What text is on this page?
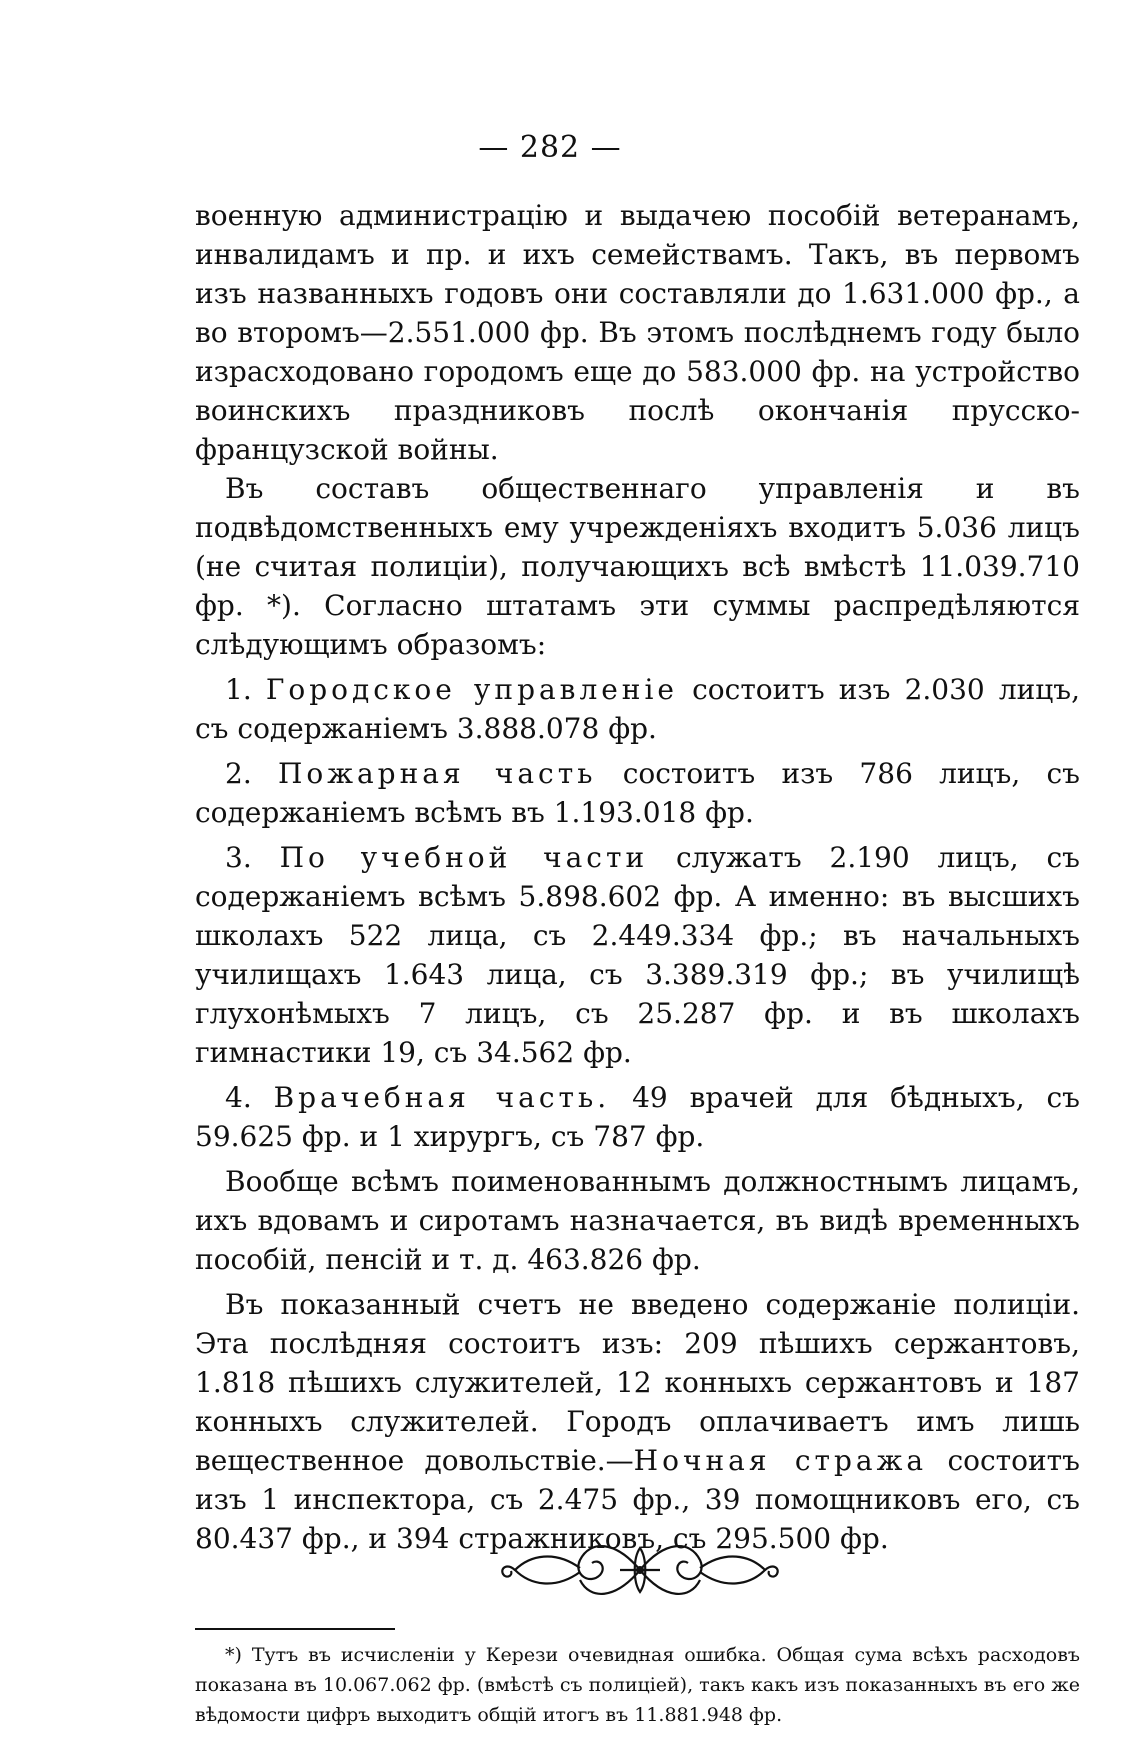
— 282 —

военную администрацію и выдачею пособій ветеранамъ, инвалидамъ и пр. и ихъ семействамъ. Такъ, въ первомъ изъ названныхъ годовъ они составляли до 1.631.000 фр., а во второмъ—2.551.000 фр. Въ этомъ послѣднемъ году было израсходовано городомъ еще до 583.000 фр. на устройство воинскихъ праздниковъ послѣ окончанія прусско-французской войны.

Въ составъ общественнаго управленія и въ подвѣдомственныхъ ему учрежденіяхъ входитъ 5.036 лицъ (не считая полиціи), получающихъ всѣ вмѣстѣ 11.039.710 фр. *). Согласно штатамъ эти суммы распредѣляются слѣдующимъ образомъ:

1. Городское управленіе состоитъ изъ 2.030 лицъ, съ содержаніемъ 3.888.078 фр.

2. Пожарная часть состоитъ изъ 786 лицъ, съ содержаніемъ всѣмъ въ 1.193.018 фр.

3. По учебной части служатъ 2.190 лицъ, съ содержаніемъ всѣмъ 5.898.602 фр. А именно: въ высшихъ школахъ 522 лица, съ 2.449.334 фр.; въ начальныхъ училищахъ 1.643 лица, съ 3.389.319 фр.; въ училищѣ глухонѣмыхъ 7 лицъ, съ 25.287 фр. и въ школахъ гимнастики 19, съ 34.562 фр.

4. Врачебная часть. 49 врачей для бѣдныхъ, съ 59.625 фр. и 1 хирургъ, съ 787 фр.

Вообще всѣмъ поименованнымъ должностнымъ лицамъ, ихъ вдовамъ и сиротамъ назначается, въ видѣ временныхъ пособій, пенсій и т. д. 463.826 фр.

Въ показанный счетъ не введено содержаніе полиціи. Эта послѣдняя состоитъ изъ: 209 пѣшихъ сержантовъ, 1.818 пѣшихъ служителей, 12 конныхъ сержантовъ и 187 конныхъ служителей. Городъ оплачиваетъ имъ лишь вещественное довольствіе.—Ночная стража состоитъ изъ 1 инспектора, съ 2.475 фр., 39 помощниковъ его, съ 80.437 фр., и 394 стражниковъ, съ 295.500 фр.

*) Тутъ въ исчисленіи у Керези очевидная ошибка. Общая сума всѣхъ расходовъ показана въ 10.067.062 фр. (вмѣстѣ съ полиціей), такъ какъ изъ показанныхъ въ его же вѣдомости цифръ выходитъ общій итогъ въ 11.881.948 фр.
